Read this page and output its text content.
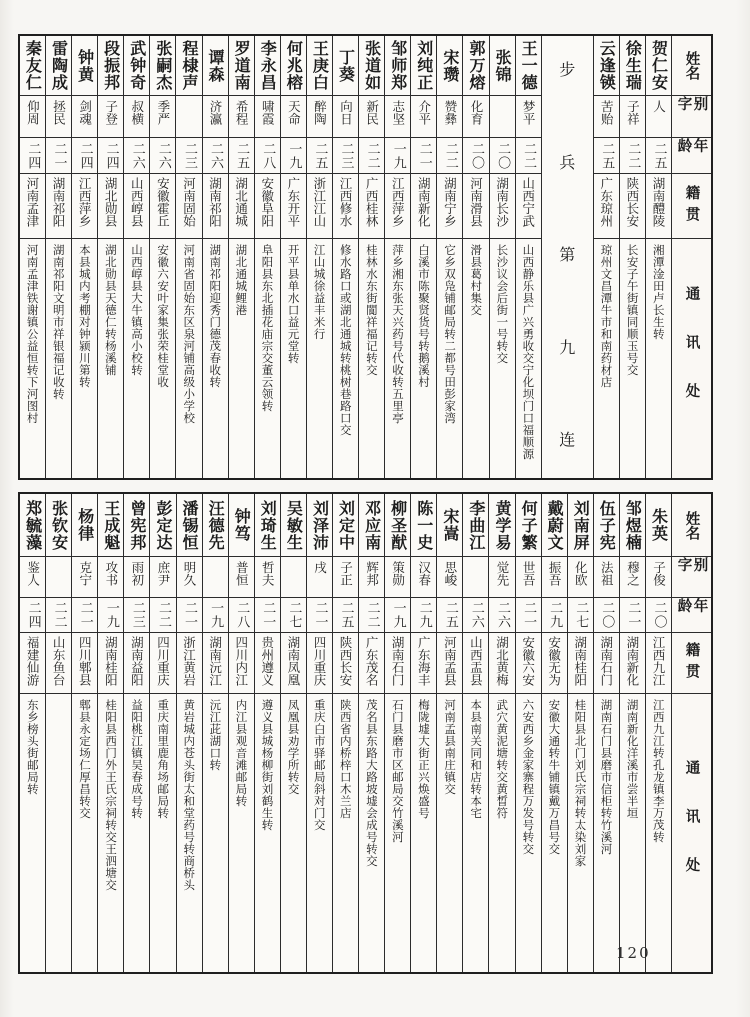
姓名
别字
年龄
籍贯
通讯处
贺仁安
人
二五
湖南醴陵
湘潭淦田卢长生转
徐生瑞
子祥
二二
陕西长安
长安子午街镇同顺玉号交
云逢锳
苦贻
二五
广东琼州
琼州文昌潭牛市和南药材店
步
兵
第
九
连
王一德
梦平
二二
山西宁武
山西静乐县广兴勇收交宁化坝门口福顺源
张锦
二〇
湖南长沙
长沙议会后街一号转交
郭万熔
化育
二〇
河南滑县
滑县葛村集交
宋瓒
赞彝
二二
湖南宁乡
它乡双凫铺邮局转二都号田彭家湾
刘纯正
介平
二一
湖南新化
白溪市陈聚贤货号转鹅溪村
邹师郑
志坚
一九
江西萍乡
萍乡湘东张天兴药号代收转五里亭
张道如
新民
二二
广西桂林
桂林水东街閬祥福记转交
丁葵
向日
二三
江西修水
修水路口或湖北通城转桃树巷路口交
王庚白
醉陶
二五
浙江江山
江山城徐益丰米行
何兆榕
天命
一九
广东开平
开平县单水口益元堂转
李永昌
啸霞
二八
安徽阜阳
阜阳县东北插花庙宗交董云领转
罗道南
希程
二五
湖北通城
湖北通城鲤港
谭森
济瀛
二六
湖南祁阳
湖南祁阳迎秀门德茂春收转
程棣声
二三
河南固始
河南省固始东区泉河铺高级小学校
张嗣杰
季严
二六
安徽霍丘
安徽六安叶家集张荣桂堂收
武钟奇
叔横
二六
山西崞县
山西崞县大牛镇高小校转
段振邦
子登
二四
湖北勋县
湖北勋县天德仁转杨溪铺
钟黄
剑魂
二四
江西萍乡
本县城内考棚对钟颍川第转
雷陶成
拯民
二一
湖南祁阳
湖南祁阳文明市祥银福记收转
秦友仁
仰周
二四
河南孟津
河南孟津铁谢镇公益恒转下河图村
姓名
别字
年龄
籍贯
通讯处
朱英
子俊
二〇
江西九江
江西九江转孔龙镇李万茂转
邹煜楠
穆之
二一
湖南新化
湖南新化洋溪市尝半垣
伍子宪
法祖
二〇
湖南石门
湖南石门县磨市信柜转竹溪河
刘南屏
化欧
二七
湖南桂阳
桂阳县北门刘氏宗祠转太染刘家
戴蔚文
振吾
二九
安徽无为
安徽大通转牛铺镇戴万昌号交
何子繁
世吾
二一
安徽六安
六安西乡金家寨程万发号转交
黄学易
觉先
二六
湖北黄梅
武穴黄泥塘转交黄晳符
李曲江
二六
山西盂县
本县南关同和店转本宅
宋嵩
思峻
二五
河南孟县
河南孟县南庄镇交
陈一史
汉春
二九
广东海丰
梅陇墟大街正兴焕盛号
柳圣猷
策勋
一九
湖南石门
石门县磨市区邮局交竹溪河
邓应南
辉邦
二二
广东茂名
茂名县东路大路坡墟会成号转交
刘定中
子正
二五
陕西长安
陕西省内桥梓口木兰店
刘泽沛
戌
二一
四川重庆
重庆白市驿邮局斜对门交
吴敏生
二七
湖南凤凰
凤凰县劝学所转交
刘琦生
哲夫
二一
贵州遵义
遵义县城杨柳街刘鹤生转
钟笃
普恒
二八
四川内江
内江县观音滩邮局转
汪德先
一九
湖南沅江
沅江茈湖口转
潘锡恒
明久
二一
浙江黄岩
黄岩城内苍头街太和堂药号转商桥头
彭定达
庶尹
二二
四川重庆
重庆南里鹿角场邮局转
曾宪邦
雨初
二三
湖南益阳
益阳桃江镇吴春成号转
王成魁
攻书
一九
湖南桂阳
桂阳县西门外王氏宗祠转交王泗塘交
杨律
克宁
二一
四川郫县
郫县永定场仁厚昌转交
张钦安
二二
山东鱼台
郑毓藻
鉴人
二四
福建仙游
东乡榜头街邮局转
120
